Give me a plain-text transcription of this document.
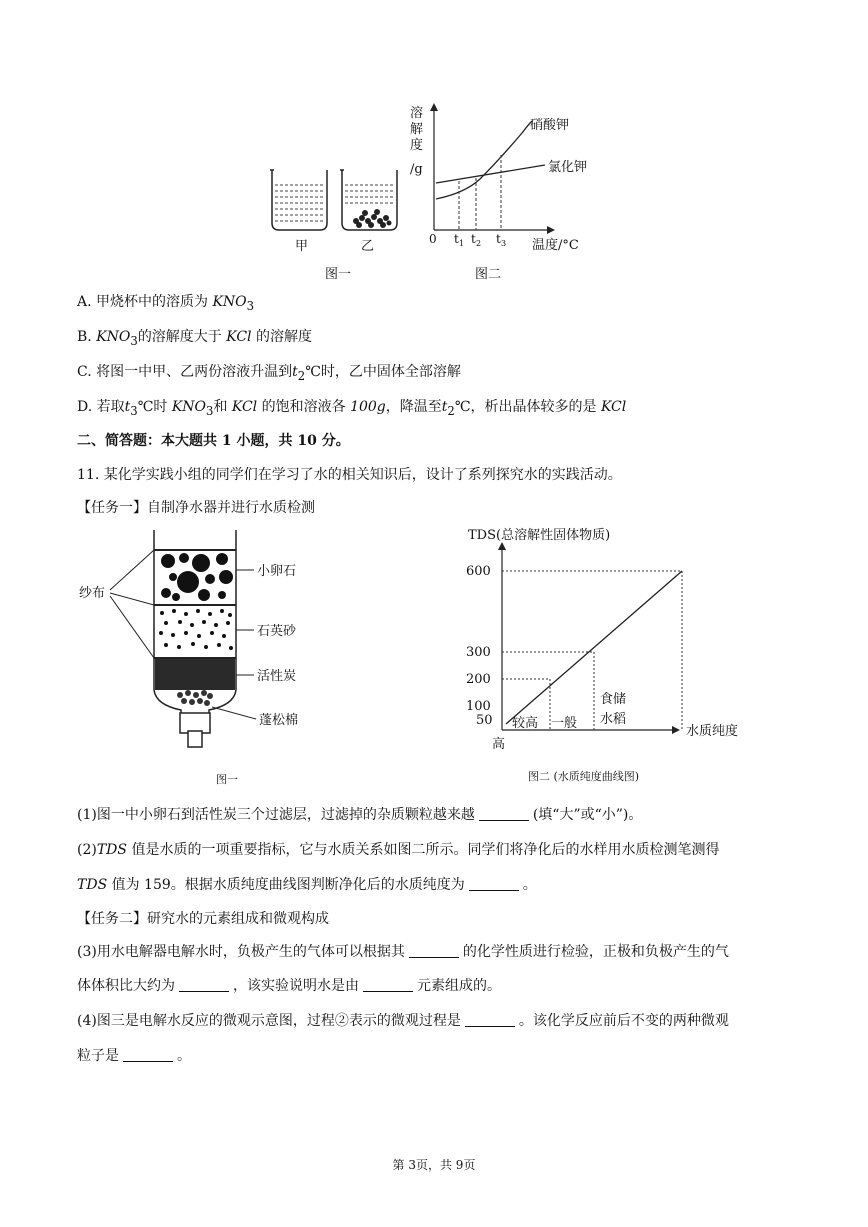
甲	乙
溶
解
度
/g
0 t 1 t 2 t 3 温度/°C
硝酸钾
氯化钾
图一	图二
A. 甲烧杯中的溶质为 $KNO_3$
B. $KNO_3$的溶解度大于 KCl 的溶解度
C. 将图一中甲、乙两份溶液升温到$t_2℃$时，乙中固体全部溶解
D. 若取$t_3℃$时 $KNO_3$和 KCl 的饱和溶液各 100g，降温至$t_2℃$，析出晶体较多的是 KCl
二、简答题：本大题共 1 小题，共 10 分。
11. 某化学实践小组的同学们在学习了水的相关知识后，设计了系列探究水的实践活动。
【任务一】自制净水器并进行水质检测
纱布
小卵石
石英砂
活性炭
蓬松棉
图一
TDS(总溶解性固体物质)
水质纯度
600
300
200
100
50
高
较高 一般
食储
水稻
图二 (水质纯度曲线图)
(1)图一中小卵石到活性炭三个过滤层，过滤掉的杂质颗粒越来越	(填“大”或“小”)。
(2)TDS 值是水质的一项重要指标，它与水质关系如图二所示。同学们将净化后的水样用水质检测笔测得
TDS 值为 159。根据水质纯度曲线图判断净化后的水质纯度为	。
【任务二】研究水的元素组成和微观构成
(3)用水电解器电解水时，负极产生的气体可以根据其	的化学性质进行检验，正极和负极产生的气
体体积比大约为	，该实验说明水是由	元素组成的。
(4)图三是电解水反应的微观示意图，过程②表示的微观过程是	。该化学反应前后不变的两种微观
粒子是	。
第 3页，共 9页
